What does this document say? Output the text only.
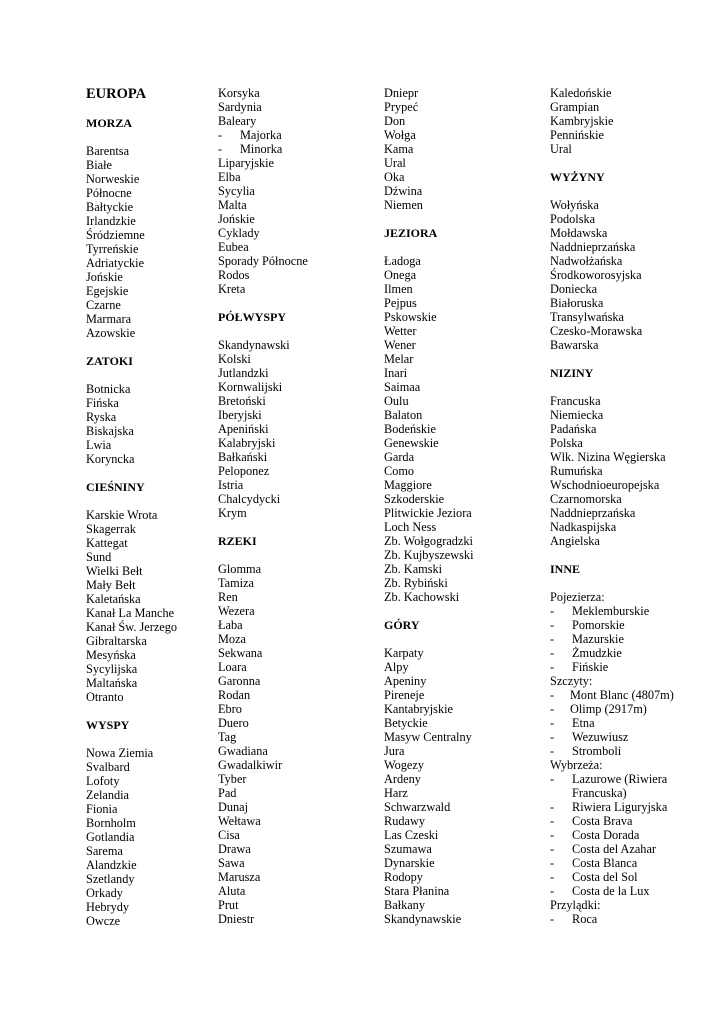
EUROPA
MORZA
Barentsa
Białe
Norweskie
Północne
Bałtyckie
Irlandzkie
Śródziemne
Tyrreńskie
Adriatyckie
Jońskie
Egejskie
Czarne
Marmara
Azowskie
ZATOKI
Botnicka
Fińska
Ryska
Biskajska
Lwia
Koryncka
CIEŚNINY
Karskie Wrota
Skagerrak
Kattegat
Sund
Wielki Bełt
Mały Bełt
Kaletańska
Kanał La Manche
Kanał Św. Jerzego
Gibraltarska
Mesyńska
Sycylijska
Maltańska
Otranto
WYSPY
Nowa Ziemia
Svalbard
Lofoty
Zelandia
Fionia
Bornholm
Gotlandia
Sarema
Alandzkie
Szetlandy
Orkady
Hebrydy
Owcze
Korsyka
Sardynia
Baleary
-	Majorka
-	Minorka
Liparyjskie
Elba
Sycylia
Malta
Jońskie
Cyklady
Eubea
Sporady Północne
Rodos
Kreta
PÓŁWYSPY
Skandynawski
Kolski
Jutlandzki
Kornwalijski
Bretoński
Iberyjski
Apeniński
Kalabryjski
Bałkański
Peloponez
Istria
Chalcydycki
Krym
RZEKI
Glomma
Tamiza
Ren
Wezera
Łaba
Moza
Sekwana
Loara
Garonna
Rodan
Ebro
Duero
Tag
Gwadiana
Gwadalkiwir
Tyber
Pad
Dunaj
Wełtawa
Cisa
Drawa
Sawa
Marusza
Aluta
Prut
Dniestr
Dniepr
Prypeć
Don
Wołga
Kama
Ural
Oka
Dźwina
Niemen
JEZIORA
Ładoga
Onega
Ilmen
Pejpus
Pskowskie
Wetter
Wener
Melar
Inari
Saimaa
Oulu
Balaton
Bodeńskie
Genewskie
Garda
Como
Maggiore
Szkoderskie
Plitwickie Jeziora
Loch Ness
Zb. Wołgogradzki
Zb. Kujbyszewski
Zb. Kamski
Zb. Rybiński
Zb. Kachowski
GÓRY
Karpaty
Alpy
Apeniny
Pireneje
Kantabryjskie
Betyckie
Masyw Centralny
Jura
Wogezy
Ardeny
Harz
Schwarzwald
Rudawy
Las Czeski
Szumawa
Dynarskie
Rodopy
Stara Płanina
Bałkany
Skandynawskie
Kaledońskie
Grampian
Kambryjskie
Pennińskie
Ural
WYŻYNY
Wołyńska
Podolska
Mołdawska
Naddnieprzańska
Nadwołżańska
Środkoworosyjska
Doniecka
Białoruska
Transylwańska
Czesko-Morawska
Bawarska
NIZINY
Francuska
Niemiecka
Padańska
Polska
Wlk. Nizina Węgierska
Rumuńska
Wschodnioeuropejska
Czarnomorska
Naddnieprzańska
Nadkaspijska
Angielska
INNE
Pojezierza:
-	Meklemburskie
-	Pomorskie
-	Mazurskie
-	Żmudzkie
-	Fińskie
Szczyty:
-	Mont Blanc (4807m)
-	Olimp (2917m)
-	Etna
-	Wezuwiusz
-	Stromboli
Wybrzeża:
-	Lazurowe (Riwiera Francuska)
-	Riwiera Liguryjska
-	Costa Brava
-	Costa Dorada
-	Costa del Azahar
-	Costa Blanca
-	Costa del Sol
-	Costa de la Lux
Przylądki:
-	Roca
